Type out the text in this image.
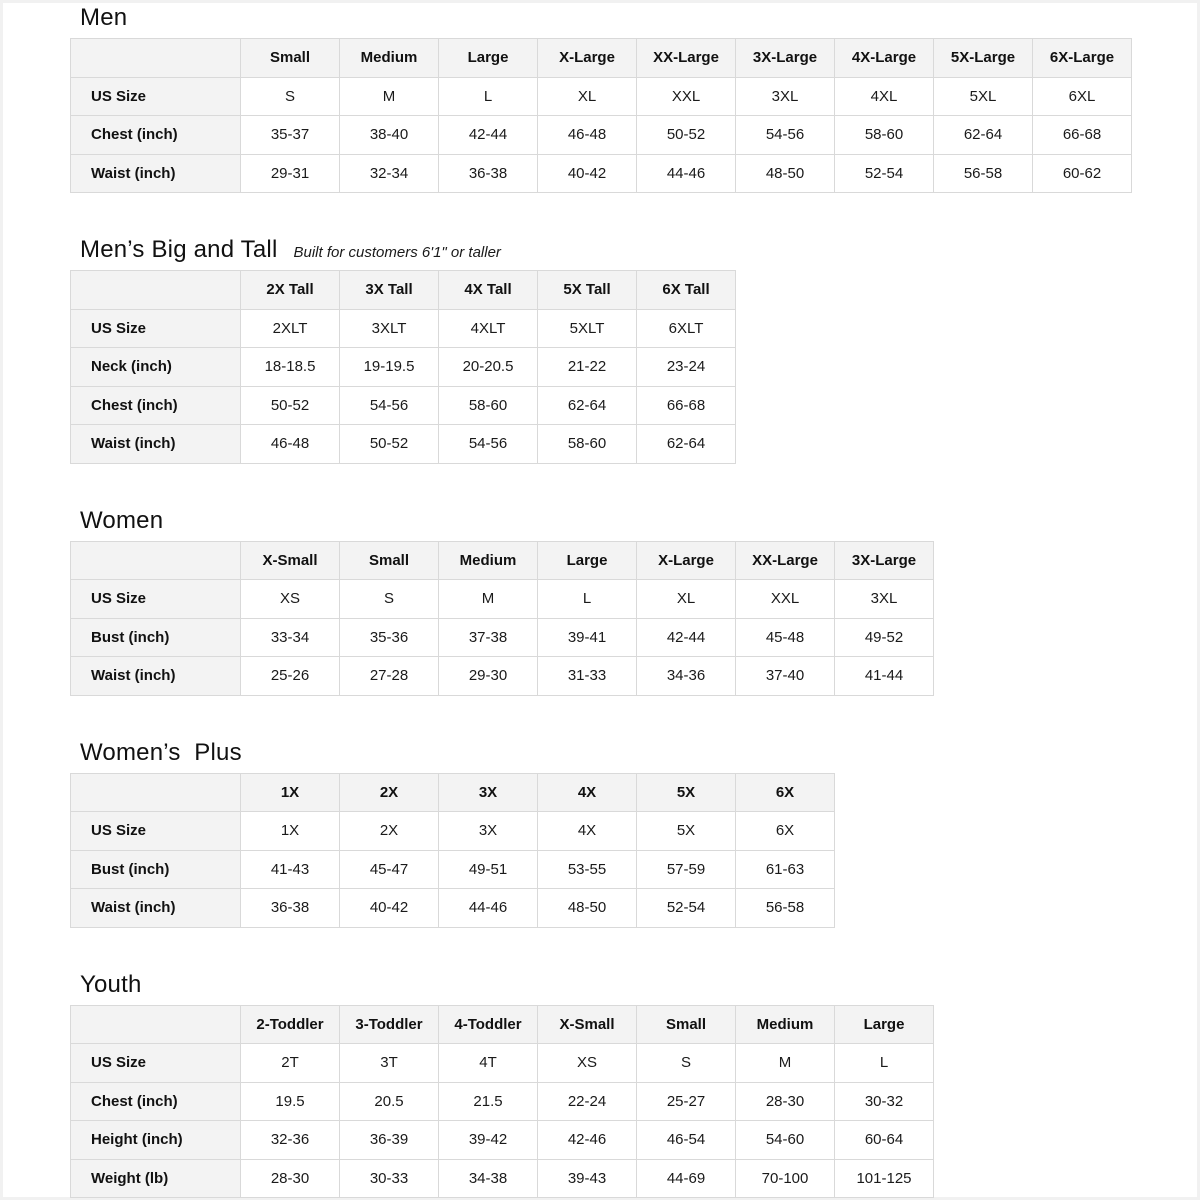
Men
	Small	Medium	Large	X-Large	XX-Large	3X-Large	4X-Large	5X-Large	6X-Large
US Size	S	M	L	XL	XXL	3XL	4XL	5XL	6XL
Chest (inch)	35-37	38-40	42-44	46-48	50-52	54-56	58-60	62-64	66-68
Waist (inch)	29-31	32-34	36-38	40-42	44-46	48-50	52-54	56-58	60-62
Men’s Big and Tall Built for customers 6'1" or taller
	2X Tall	3X Tall	4X Tall	5X Tall	6X Tall
US Size	2XLT	3XLT	4XLT	5XLT	6XLT
Neck (inch)	18-18.5	19-19.5	20-20.5	21-22	23-24
Chest (inch)	50-52	54-56	58-60	62-64	66-68
Waist (inch)	46-48	50-52	54-56	58-60	62-64
Women
	X-Small	Small	Medium	Large	X-Large	XX-Large	3X-Large
US Size	XS	S	M	L	XL	XXL	3XL
Bust (inch)	33-34	35-36	37-38	39-41	42-44	45-48	49-52
Waist (inch)	25-26	27-28	29-30	31-33	34-36	37-40	41-44
Women’s  Plus
	1X	2X	3X	4X	5X	6X
US Size	1X	2X	3X	4X	5X	6X
Bust (inch)	41-43	45-47	49-51	53-55	57-59	61-63
Waist (inch)	36-38	40-42	44-46	48-50	52-54	56-58
Youth
	2-Toddler	3-Toddler	4-Toddler	X-Small	Small	Medium	Large
US Size	2T	3T	4T	XS	S	M	L
Chest (inch)	19.5	20.5	21.5	22-24	25-27	28-30	30-32
Height (inch)	32-36	36-39	39-42	42-46	46-54	54-60	60-64
Weight (lb)	28-30	30-33	34-38	39-43	44-69	70-100	101-125
